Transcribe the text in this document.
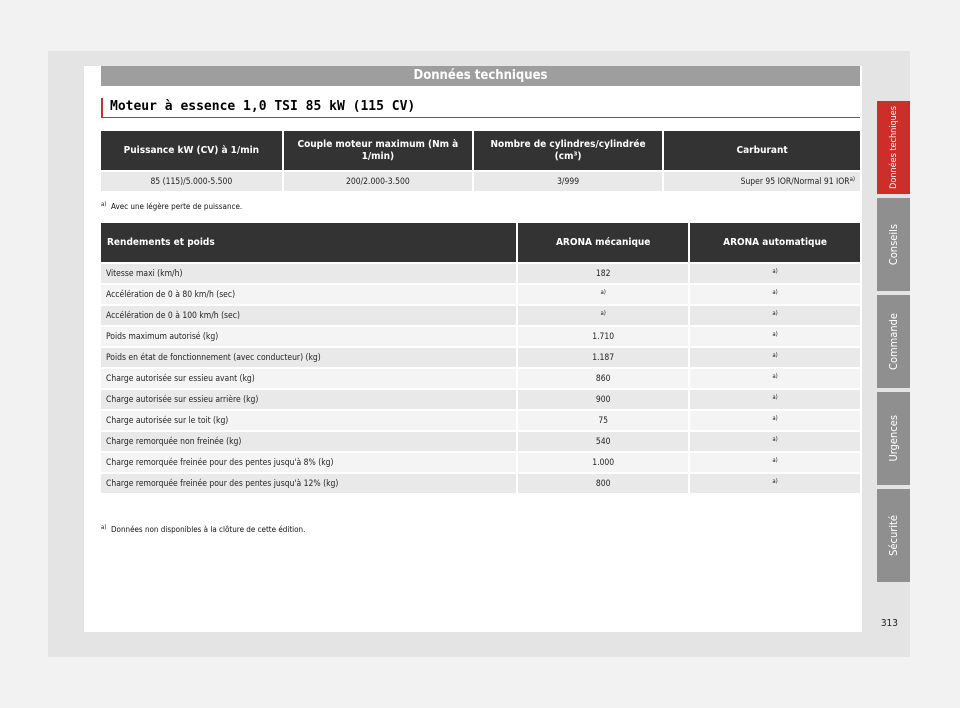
Données techniques
Moteur à essence 1,0 TSI 85 kW (115 CV)
Puissance kW (CV) à 1/min	Couple moteur maximum (Nm à 1/min)	Nombre de cylindres/cylindrée (cm³)	Carburant
85 (115)/5.000-5.500	200/2.000-3.500	3/999	Super 95 IOR/Normal 91 IOR$^{a)}$
$^{a)}$ Avec une légère perte de puissance.
Rendements et poids	ARONA mécanique	ARONA automatique
Vitesse maxi (km/h)	182	$^{a)}$
Accélération de 0 à 80 km/h (sec)	$^{a)}$	$^{a)}$
Accélération de 0 à 100 km/h (sec)	$^{a)}$	$^{a)}$
Poids maximum autorisé (kg)	1.710	$^{a)}$
Poids en état de fonctionnement (avec conducteur) (kg)	1.187	$^{a)}$
Charge autorisée sur essieu avant (kg)	860	$^{a)}$
Charge autorisée sur essieu arrière (kg)	900	$^{a)}$
Charge autorisée sur le toit (kg)	75	$^{a)}$
Charge remorquée non freinée (kg)	540	$^{a)}$
Charge remorquée freinée pour des pentes jusqu'à 8% (kg)	1.000	$^{a)}$
Charge remorquée freinée pour des pentes jusqu'à 12% (kg)	800	$^{a)}$
$^{a)}$ Données non disponibles à la clôture de cette édition.
Données techniques
Conseils
Commande
Urgences
Sécurité
313
